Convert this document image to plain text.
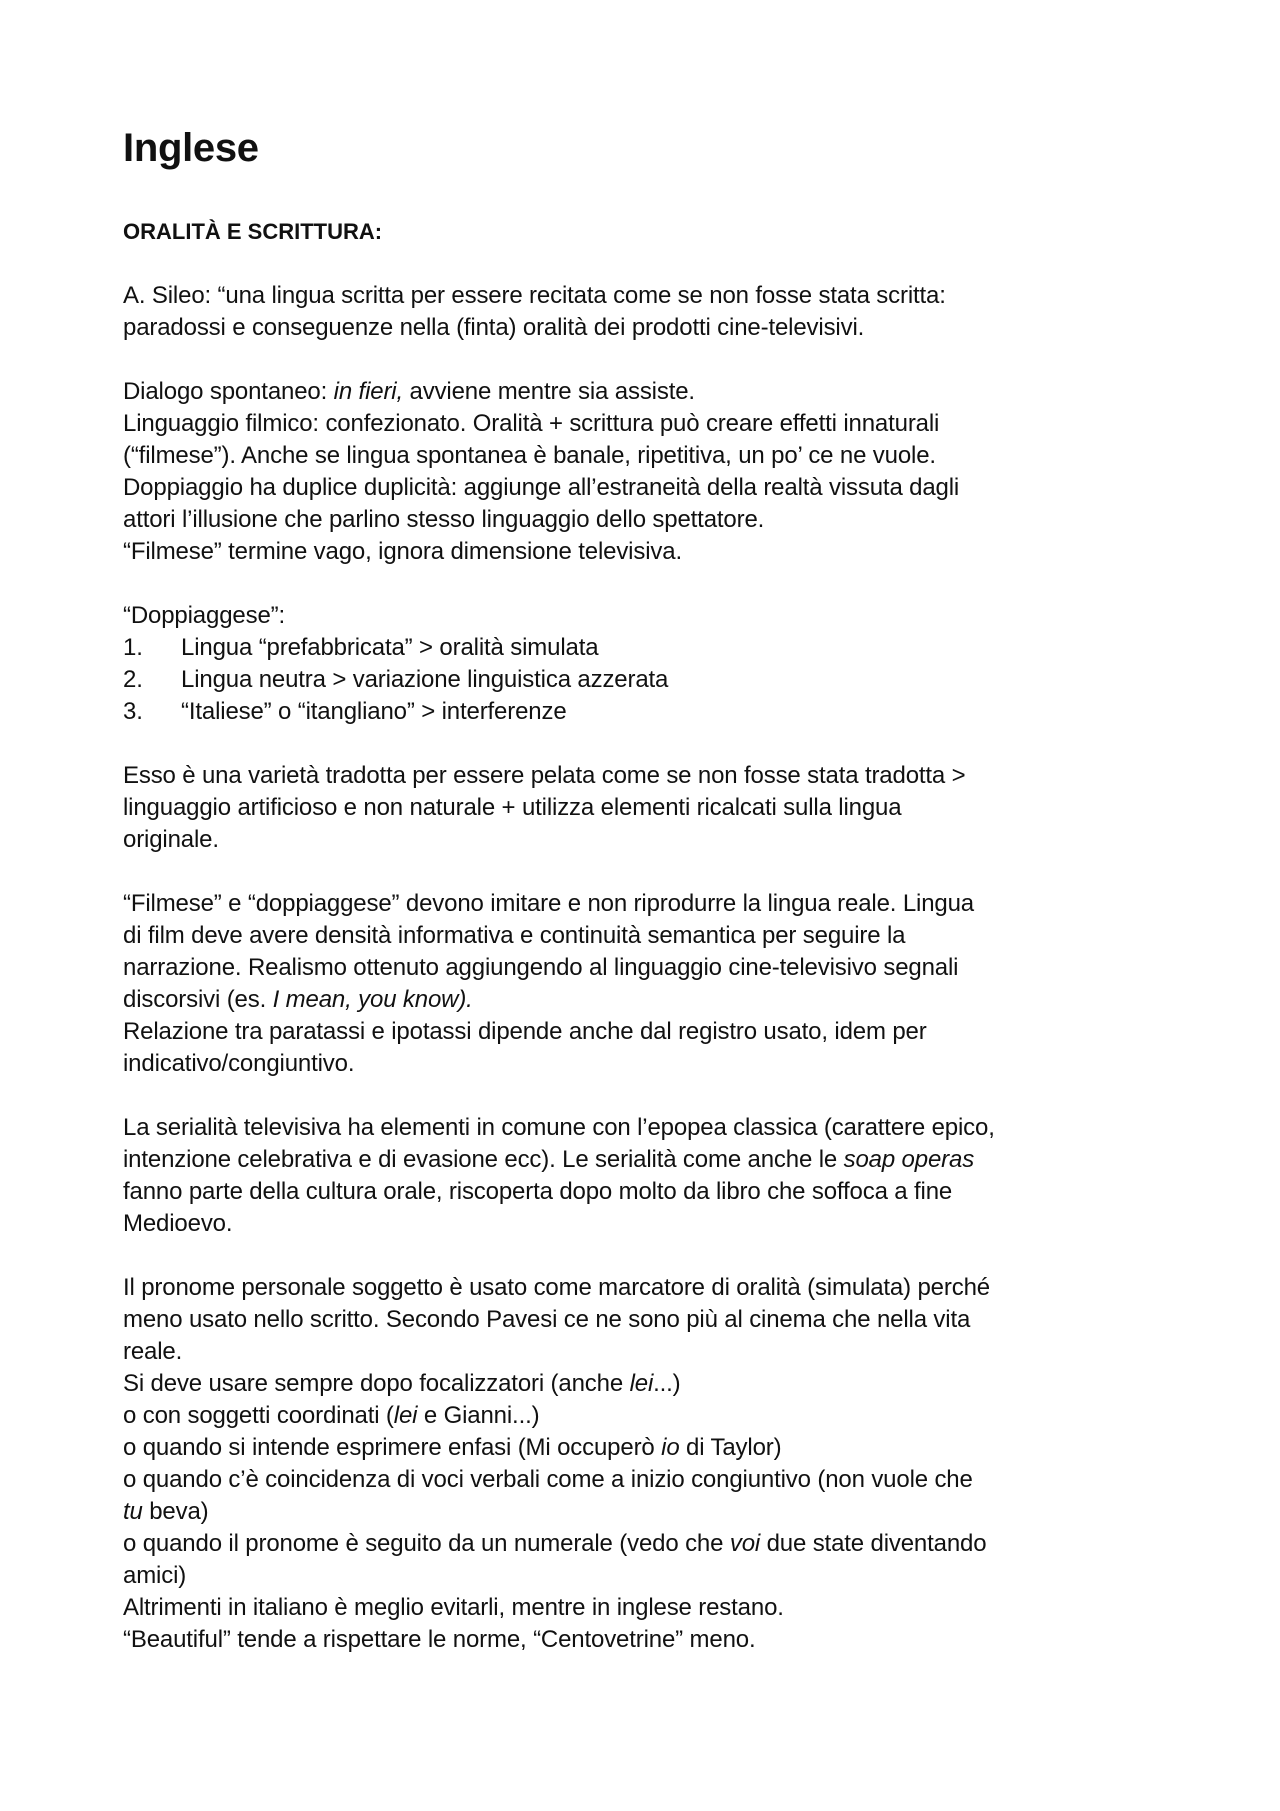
Inglese
ORALITÀ E SCRITTURA:
A. Sileo: “una lingua scritta per essere recitata come se non fosse stata scritta:
paradossi e conseguenze nella (finta) oralità dei prodotti cine-televisivi.
Dialogo spontaneo: in fieri, avviene mentre sia assiste.
Linguaggio filmico: confezionato. Oralità + scrittura può creare effetti innaturali
(“filmese”). Anche se lingua spontanea è banale, ripetitiva, un po’ ce ne vuole.
Doppiaggio ha duplice duplicità: aggiunge all’estraneità della realtà vissuta dagli
attori l’illusione che parlino stesso linguaggio dello spettatore.
“Filmese” termine vago, ignora dimensione televisiva.
“Doppiaggese”:
1.	Lingua “prefabbricata” > oralità simulata
2.	Lingua neutra > variazione linguistica azzerata
3.	“Italiese” o “itangliano” > interferenze
Esso è una varietà tradotta per essere pelata come se non fosse stata tradotta >
linguaggio artificioso e non naturale + utilizza elementi ricalcati sulla lingua
originale.
“Filmese” e “doppiaggese” devono imitare e non riprodurre la lingua reale. Lingua
di film deve avere densità informativa e continuità semantica per seguire la
narrazione. Realismo ottenuto aggiungendo al linguaggio cine-televisivo segnali
discorsivi (es. I mean, you know).
Relazione tra paratassi e ipotassi dipende anche dal registro usato, idem per
indicativo/congiuntivo.
La serialità televisiva ha elementi in comune con l’epopea classica (carattere epico,
intenzione celebrativa e di evasione ecc). Le serialità come anche le soap operas
fanno parte della cultura orale, riscoperta dopo molto da libro che soffoca a fine
Medioevo.
Il pronome personale soggetto è usato come marcatore di oralità (simulata) perché
meno usato nello scritto. Secondo Pavesi ce ne sono più al cinema che nella vita
reale.
Si deve usare sempre dopo focalizzatori (anche lei...)
o con soggetti coordinati (lei e Gianni...)
o quando si intende esprimere enfasi (Mi occuperò io di Taylor)
o quando c’è coincidenza di voci verbali come a inizio congiuntivo (non vuole che
tu beva)
o quando il pronome è seguito da un numerale (vedo che voi due state diventando
amici)
Altrimenti in italiano è meglio evitarli, mentre in inglese restano.
“Beautiful” tende a rispettare le norme, “Centovetrine” meno.
